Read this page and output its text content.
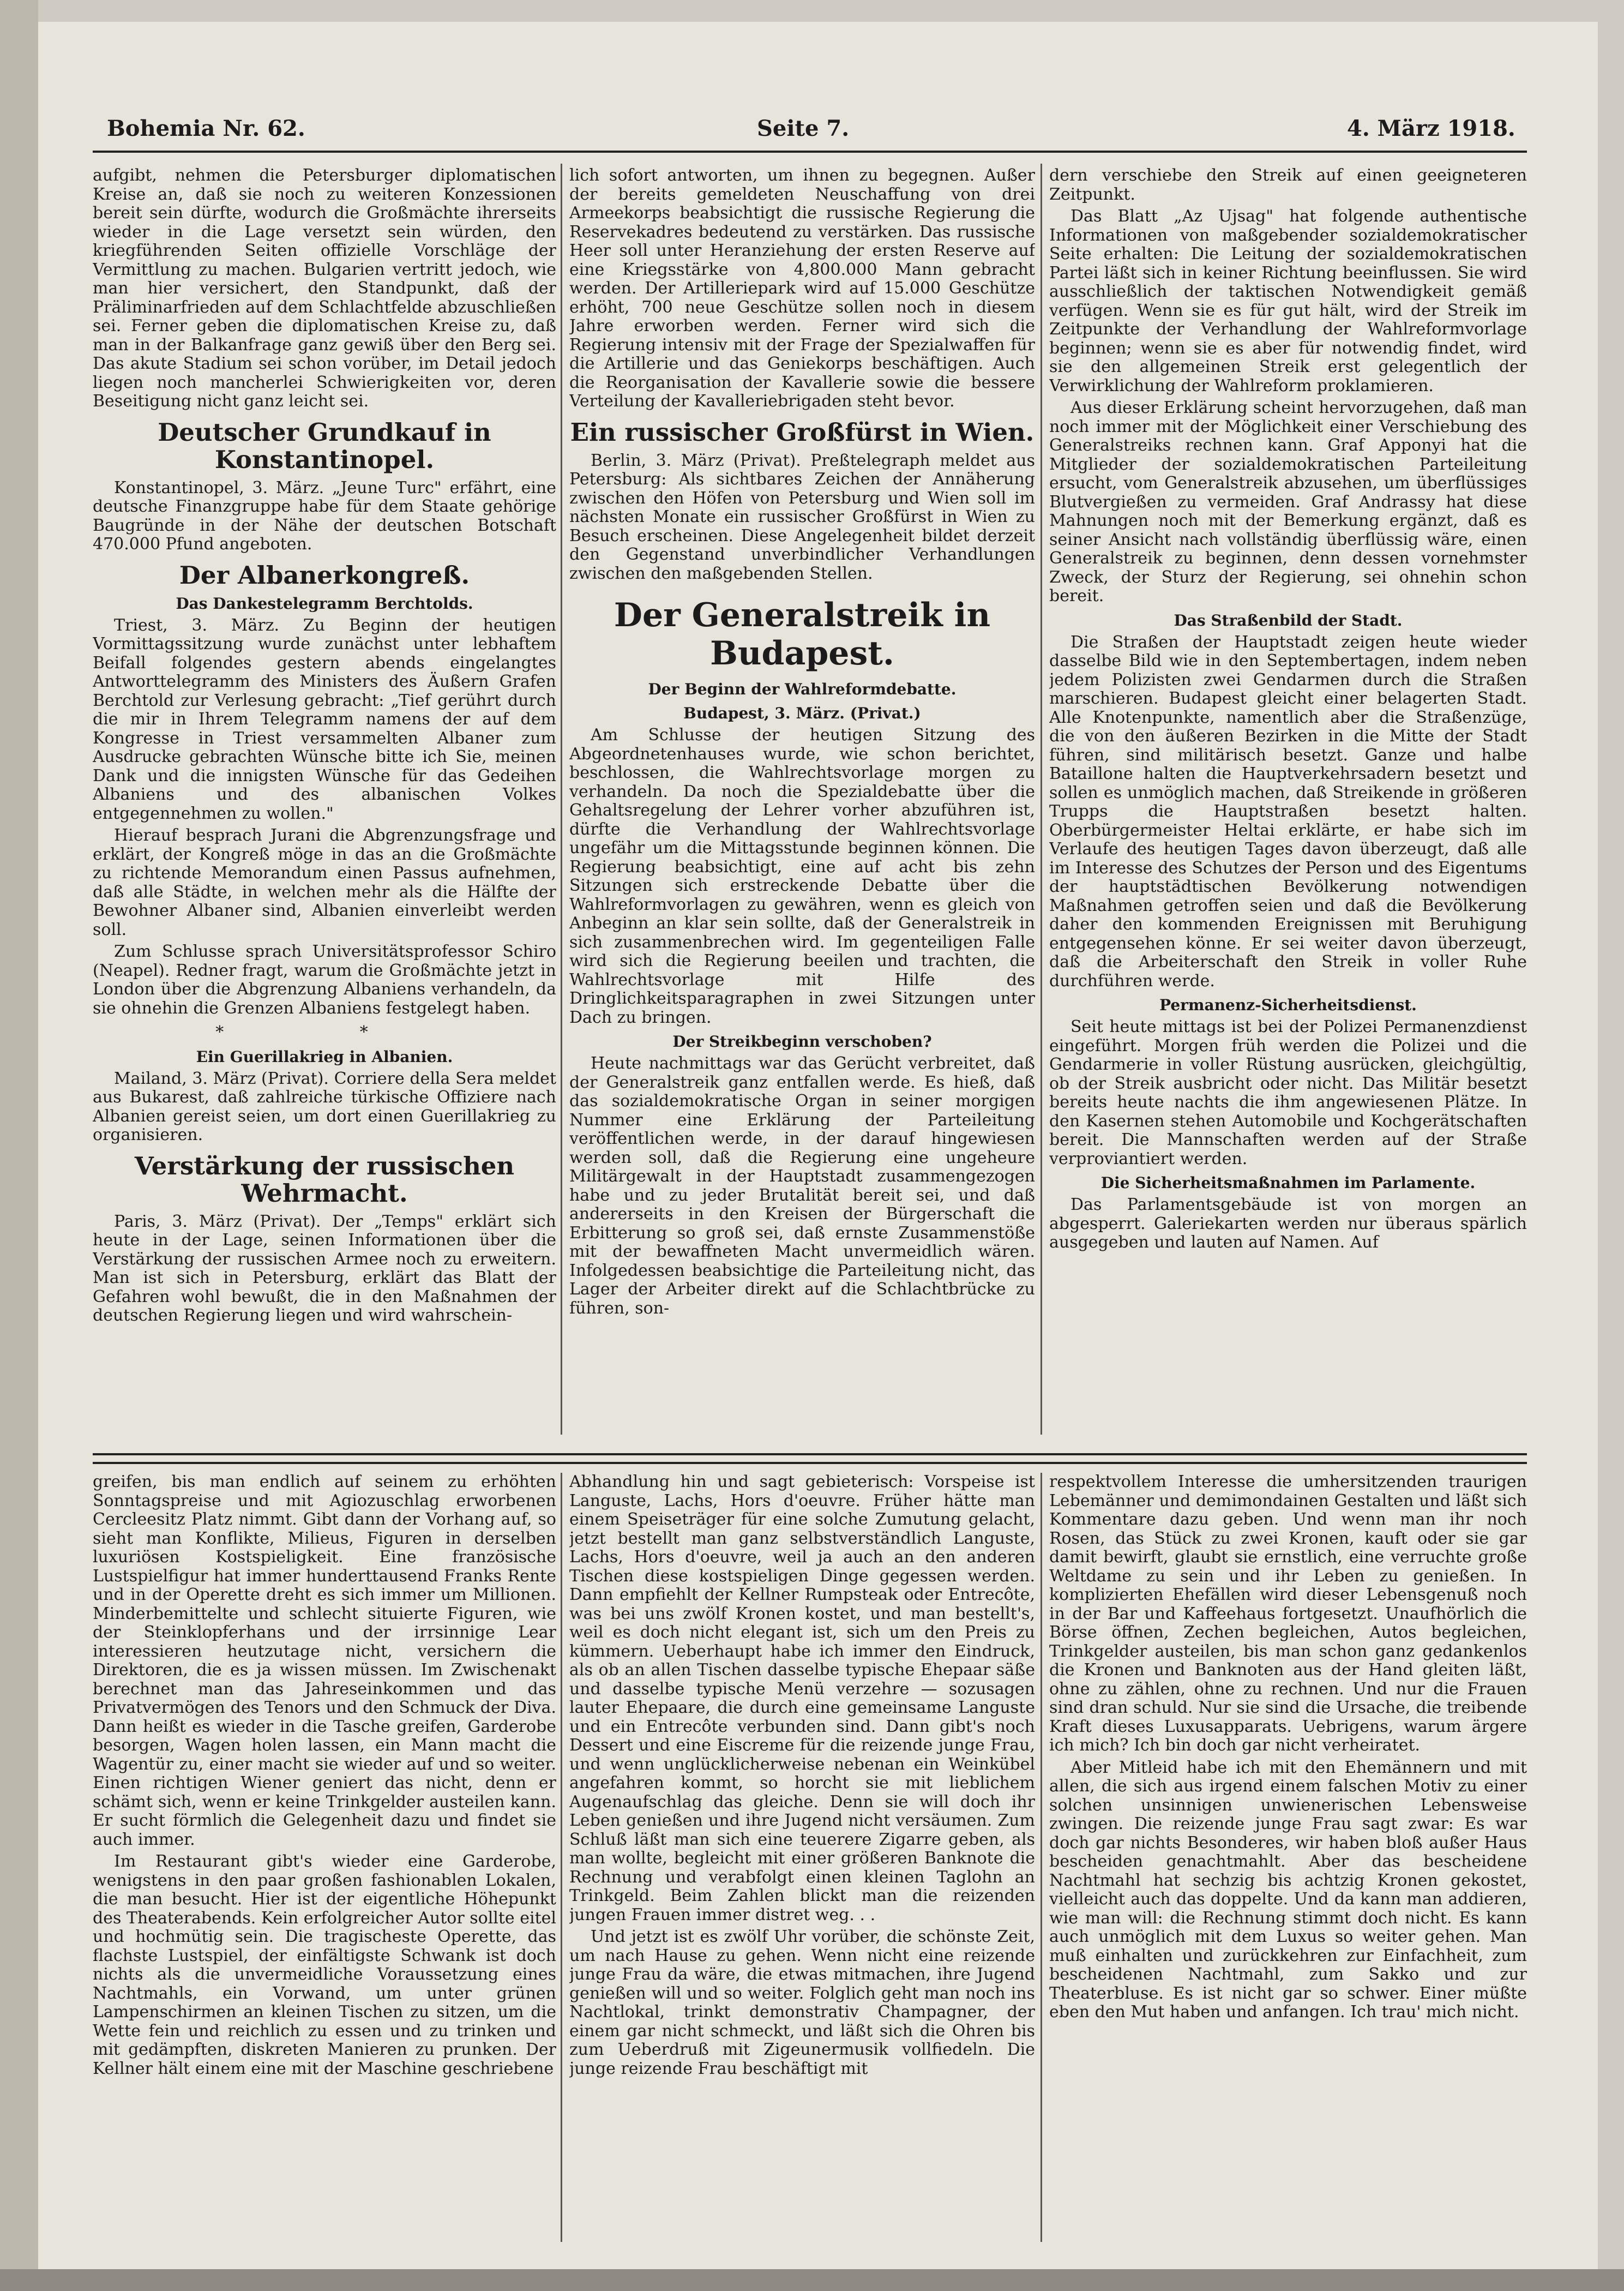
Bohemia Nr. 62.	Seite 7.	4. März 1918.

aufgibt, nehmen die Petersburger diplomatischen Kreise an, daß sie noch zu weiteren Konzessionen bereit sein dürfte, wodurch die Großmächte ihrerseits wieder in die Lage versetzt sein würden, den kriegführenden Seiten offizielle Vorschläge der Vermittlung zu machen. Bulgarien vertritt jedoch, wie man hier versichert, den Standpunkt, daß der Präliminarfrieden auf dem Schlachtfelde abzuschließen sei. Ferner geben die diplomatischen Kreise zu, daß man in der Balkanfrage ganz gewiß über den Berg sei. Das akute Stadium sei schon vorüber, im Detail jedoch liegen noch mancherlei Schwierigkeiten vor, deren Beseitigung nicht ganz leicht sei.

Deutscher Grundkauf in Konstantinopel.

Konstantinopel, 3. März. „Jeune Turc" erfährt, eine deutsche Finanzgruppe habe für dem Staate gehörige Baugründe in der Nähe der deutschen Botschaft 470.000 Pfund angeboten.

Der Albanerkongreß.
Das Dankestelegramm Berchtolds.

Triest, 3. März. Zu Beginn der heutigen Vormittagssitzung wurde zunächst unter lebhaftem Beifall folgendes gestern abends eingelangtes Antworttelegramm des Ministers des Äußern Grafen Berchtold zur Verlesung gebracht: „Tief gerührt durch die mir in Ihrem Telegramm namens der auf dem Kongresse in Triest versammelten Albaner zum Ausdrucke gebrachten Wünsche bitte ich Sie, meinen Dank und die innigsten Wünsche für das Gedeihen Albaniens und des albanischen Volkes entgegennehmen zu wollen."

Hierauf besprach Jurani die Abgrenzungsfrage und erklärt, der Kongreß möge in das an die Großmächte zu richtende Memorandum einen Passus aufnehmen, daß alle Städte, in welchen mehr als die Hälfte der Bewohner Albaner sind, Albanien einverleibt werden soll.

Zum Schlusse sprach Universitätsprofessor Schiro (Neapel). Redner fragt, warum die Großmächte jetzt in London über die Abgrenzung Albaniens verhandeln, da sie ohnehin die Grenzen Albaniens festgelegt haben.

* *
Ein Guerillakrieg in Albanien.

Mailand, 3. März (Privat). Corriere della Sera meldet aus Bukarest, daß zahlreiche türkische Offiziere nach Albanien gereist seien, um dort einen Guerillakrieg zu organisieren.

Verstärkung der russischen Wehrmacht.

Paris, 3. März (Privat). Der „Temps" erklärt sich heute in der Lage, seinen Informationen über die Verstärkung der russischen Armee noch zu erweitern. Man ist sich in Petersburg, erklärt das Blatt der Gefahren wohl bewußt, die in den Maßnahmen der deutschen Regierung liegen und wird wahrschein-

lich sofort antworten, um ihnen zu begegnen. Außer der bereits gemeldeten Neuschaffung von drei Armeekorps beabsichtigt die russische Regierung die Reservekadres bedeutend zu verstärken. Das russische Heer soll unter Heranziehung der ersten Reserve auf eine Kriegsstärke von 4,800.000 Mann gebracht werden. Der Artilleriepark wird auf 15.000 Geschütze erhöht, 700 neue Geschütze sollen noch in diesem Jahre erworben werden. Ferner wird sich die Regierung intensiv mit der Frage der Spezialwaffen für die Artillerie und das Geniekorps beschäftigen. Auch die Reorganisation der Kavallerie sowie die bessere Verteilung der Kavalleriebrigaden steht bevor.

Ein russischer Großfürst in Wien.

Berlin, 3. März (Privat). Preßtelegraph meldet aus Petersburg: Als sichtbares Zeichen der Annäherung zwischen den Höfen von Petersburg und Wien soll im nächsten Monate ein russischer Großfürst in Wien zu Besuch erscheinen. Diese Angelegenheit bildet derzeit den Gegenstand unverbindlicher Verhandlungen zwischen den maßgebenden Stellen.

Der Generalstreik in Budapest.
Der Beginn der Wahlreformdebatte.
Budapest, 3. März. (Privat.)

Am Schlusse der heutigen Sitzung des Abgeordnetenhauses wurde, wie schon berichtet, beschlossen, die Wahlrechtsvorlage morgen zu verhandeln. Da noch die Spezialdebatte über die Gehaltsregelung der Lehrer vorher abzuführen ist, dürfte die Verhandlung der Wahlrechtsvorlage ungefähr um die Mittagsstunde beginnen können. Die Regierung beabsichtigt, eine auf acht bis zehn Sitzungen sich erstreckende Debatte über die Wahlreformvorlagen zu gewähren, wenn es gleich von Anbeginn an klar sein sollte, daß der Generalstreik in sich zusammenbrechen wird. Im gegenteiligen Falle wird sich die Regierung beeilen und trachten, die Wahlrechtsvorlage mit Hilfe des Dringlichkeitsparagraphen in zwei Sitzungen unter Dach zu bringen.

Der Streikbeginn verschoben?

Heute nachmittags war das Gerücht verbreitet, daß der Generalstreik ganz entfallen werde. Es hieß, daß das sozialdemokratische Organ in seiner morgigen Nummer eine Erklärung der Parteileitung veröffentlichen werde, in der darauf hingewiesen werden soll, daß die Regierung eine ungeheure Militärgewalt in der Hauptstadt zusammengezogen habe und zu jeder Brutalität bereit sei, und daß andererseits in den Kreisen der Bürgerschaft die Erbitterung so groß sei, daß ernste Zusammenstöße mit der bewaffneten Macht unvermeidlich wären. Infolgedessen beabsichtige die Parteileitung nicht, das Lager der Arbeiter direkt auf die Schlachtbrücke zu führen, son-

dern verschiebe den Streik auf einen geeigneteren Zeitpunkt.

Das Blatt „Az Ujsag" hat folgende authentische Informationen von maßgebender sozialdemokratischer Seite erhalten: Die Leitung der sozialdemokratischen Partei läßt sich in keiner Richtung beeinflussen. Sie wird ausschließlich der taktischen Notwendigkeit gemäß verfügen. Wenn sie es für gut hält, wird der Streik im Zeitpunkte der Verhandlung der Wahlreformvorlage beginnen; wenn sie es aber für notwendig findet, wird sie den allgemeinen Streik erst gelegentlich der Verwirklichung der Wahlreform proklamieren.

Aus dieser Erklärung scheint hervorzugehen, daß man noch immer mit der Möglichkeit einer Verschiebung des Generalstreiks rechnen kann. Graf Apponyi hat die Mitglieder der sozialdemokratischen Parteileitung ersucht, vom Generalstreik abzusehen, um überflüssiges Blutvergießen zu vermeiden. Graf Andrassy hat diese Mahnungen noch mit der Bemerkung ergänzt, daß es seiner Ansicht nach vollständig überflüssig wäre, einen Generalstreik zu beginnen, denn dessen vornehmster Zweck, der Sturz der Regierung, sei ohnehin schon bereit.

Das Straßenbild der Stadt.

Die Straßen der Hauptstadt zeigen heute wieder dasselbe Bild wie in den Septembertagen, indem neben jedem Polizisten zwei Gendarmen durch die Straßen marschieren. Budapest gleicht einer belagerten Stadt. Alle Knotenpunkte, namentlich aber die Straßenzüge, die von den äußeren Bezirken in die Mitte der Stadt führen, sind militärisch besetzt. Ganze und halbe Bataillone halten die Hauptverkehrsadern besetzt und sollen es unmöglich machen, daß Streikende in größeren Trupps die Hauptstraßen besetzt halten. Oberbürgermeister Heltai erklärte, er habe sich im Verlaufe des heutigen Tages davon überzeugt, daß alle im Interesse des Schutzes der Person und des Eigentums der hauptstädtischen Bevölkerung notwendigen Maßnahmen getroffen seien und daß die Bevölkerung daher den kommenden Ereignissen mit Beruhigung entgegensehen könne. Er sei weiter davon überzeugt, daß die Arbeiterschaft den Streik in voller Ruhe durchführen werde.

Permanenz-Sicherheitsdienst.

Seit heute mittags ist bei der Polizei Permanenzdienst eingeführt. Morgen früh werden die Polizei und die Gendarmerie in voller Rüstung ausrücken, gleichgültig, ob der Streik ausbricht oder nicht. Das Militär besetzt bereits heute nachts die ihm angewiesenen Plätze. In den Kasernen stehen Automobile und Kochgerätschaften bereit. Die Mannschaften werden auf der Straße verproviantiert werden.

Die Sicherheitsmaßnahmen im Parlamente.

Das Parlamentsgebäude ist von morgen an abgesperrt. Galeriekarten werden nur überaus spärlich ausgegeben und lauten auf Namen. Auf

greifen, bis man endlich auf seinem zu erhöhten Sonntagspreise und mit Agiozuschlag erworbenen Cercleesitz Platz nimmt. Gibt dann der Vorhang auf, so sieht man Konflikte, Milieus, Figuren in derselben luxuriösen Kostspieligkeit. Eine französische Lustspielfigur hat immer hunderttausend Franks Rente und in der Operette dreht es sich immer um Millionen. Minderbemittelte und schlecht situierte Figuren, wie der Steinklopferhans und der irrsinnige Lear interessieren heutzutage nicht, versichern die Direktoren, die es ja wissen müssen. Im Zwischenakt berechnet man das Jahreseinkommen und das Privatvermögen des Tenors und den Schmuck der Diva. Dann heißt es wieder in die Tasche greifen, Garderobe besorgen, Wagen holen lassen, ein Mann macht die Wagentür zu, einer macht sie wieder auf und so weiter. Einen richtigen Wiener geniert das nicht, denn er schämt sich, wenn er keine Trinkgelder austeilen kann. Er sucht förmlich die Gelegenheit dazu und findet sie auch immer.

Im Restaurant gibt's wieder eine Garderobe, wenigstens in den paar großen fashionablen Lokalen, die man besucht. Hier ist der eigentliche Höhepunkt des Theaterabends. Kein erfolgreicher Autor sollte eitel und hochmütig sein. Die tragischeste Operette, das flachste Lustspiel, der einfältigste Schwank ist doch nichts als die unvermeidliche Voraussetzung eines Nachtmahls, ein Vorwand, um unter grünen Lampenschirmen an kleinen Tischen zu sitzen, um die Wette fein und reichlich zu essen und zu trinken und mit gedämpften, diskreten Manieren zu prunken. Der Kellner hält einem eine mit der Maschine geschriebene

Abhandlung hin und sagt gebieterisch: Vorspeise ist Languste, Lachs, Hors d'oeuvre. Früher hätte man einem Speiseträger für eine solche Zumutung gelacht, jetzt bestellt man ganz selbstverständlich Languste, Lachs, Hors d'oeuvre, weil ja auch an den anderen Tischen diese kostspieligen Dinge gegessen werden. Dann empfiehlt der Kellner Rumpsteak oder Entrecôte, was bei uns zwölf Kronen kostet, und man bestellt's, weil es doch nicht elegant ist, sich um den Preis zu kümmern. Ueberhaupt habe ich immer den Eindruck, als ob an allen Tischen dasselbe typische Ehepaar säße und dasselbe typische Menü verzehre — sozusagen lauter Ehepaare, die durch eine gemeinsame Languste und ein Entrecôte verbunden sind. Dann gibt's noch Dessert und eine Eiscreme für die reizende junge Frau, und wenn unglücklicherweise nebenan ein Weinkübel angefahren kommt, so horcht sie mit lieblichem Augenaufschlag das gleiche. Denn sie will doch ihr Leben genießen und ihre Jugend nicht versäumen. Zum Schluß läßt man sich eine teuerere Zigarre geben, als man wollte, begleicht mit einer größeren Banknote die Rechnung und verabfolgt einen kleinen Taglohn an Trinkgeld. Beim Zahlen blickt man die reizenden jungen Frauen immer distret weg. . .

Und jetzt ist es zwölf Uhr vorüber, die schönste Zeit, um nach Hause zu gehen. Wenn nicht eine reizende junge Frau da wäre, die etwas mitmachen, ihre Jugend genießen will und so weiter. Folglich geht man noch ins Nachtlokal, trinkt demonstrativ Champagner, der einem gar nicht schmeckt, und läßt sich die Ohren bis zum Ueberdruß mit Zigeunermusik vollfiedeln. Die junge reizende Frau beschäftigt mit

respektvollem Interesse die umhersitzenden traurigen Lebemänner und demimondainen Gestalten und läßt sich Kommentare dazu geben. Und wenn man ihr noch Rosen, das Stück zu zwei Kronen, kauft oder sie gar damit bewirft, glaubt sie ernstlich, eine verruchte große Weltdame zu sein und ihr Leben zu genießen. In komplizierten Ehefällen wird dieser Lebensgenuß noch in der Bar und Kaffeehaus fortgesetzt. Unaufhörlich die Börse öffnen, Zechen begleichen, Autos begleichen, Trinkgelder austeilen, bis man schon ganz gedankenlos die Kronen und Banknoten aus der Hand gleiten läßt, ohne zu zählen, ohne zu rechnen. Und nur die Frauen sind dran schuld. Nur sie sind die Ursache, die treibende Kraft dieses Luxusapparats. Uebrigens, warum ärgere ich mich? Ich bin doch gar nicht verheiratet.

Aber Mitleid habe ich mit den Ehemännern und mit allen, die sich aus irgend einem falschen Motiv zu einer solchen unsinnigen unwienerischen Lebensweise zwingen. Die reizende junge Frau sagt zwar: Es war doch gar nichts Besonderes, wir haben bloß außer Haus bescheiden genachtmahlt. Aber das bescheidene Nachtmahl hat sechzig bis achtzig Kronen gekostet, vielleicht auch das doppelte. Und da kann man addieren, wie man will: die Rechnung stimmt doch nicht. Es kann auch unmöglich mit dem Luxus so weiter gehen. Man muß einhalten und zurückkehren zur Einfachheit, zum bescheidenen Nachtmahl, zum Sakko und zur Theaterbluse. Es ist nicht gar so schwer. Einer müßte eben den Mut haben und anfangen. Ich trau' mich nicht.
